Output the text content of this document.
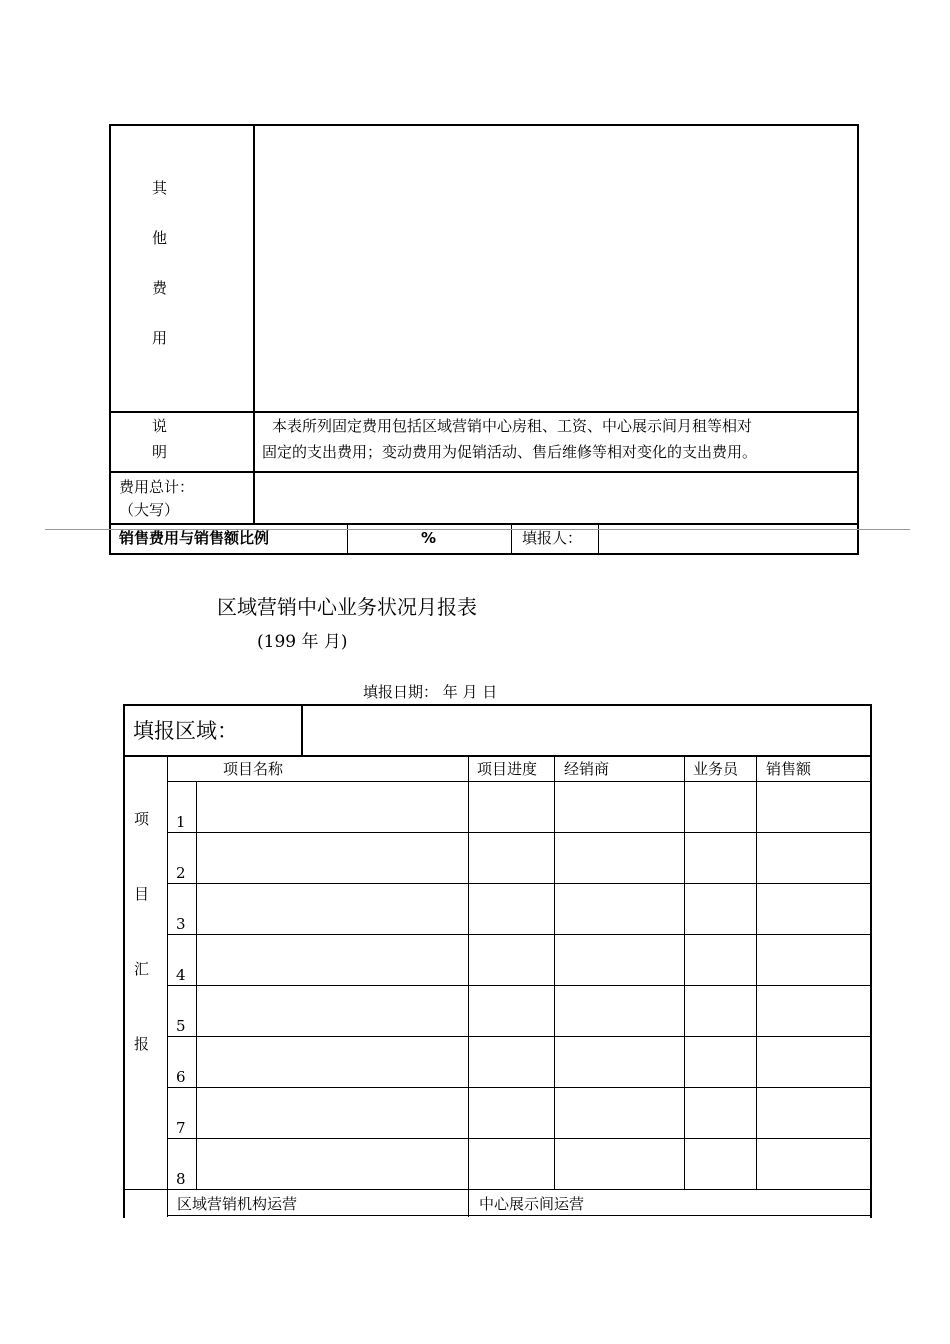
其
他
费
用
说
明
本表所列固定费用包括区域营销中心房租、工资、中心展示间月租等相对
固定的支出费用；变动费用为促销活动、售后维修等相对变化的支出费用。
费用总计：
（大写）
销售费用与销售额比例	%	填报人：
区域营销中心业务状况月报表
(199 年 月)
填报日期： 年 月 日
填报区域：
项目名称	项目进度 经销商	业务员 销售额
项
目
汇
报
1
2
3
4
5
6
7
8
区域营销机构运营	中心展示间运营
